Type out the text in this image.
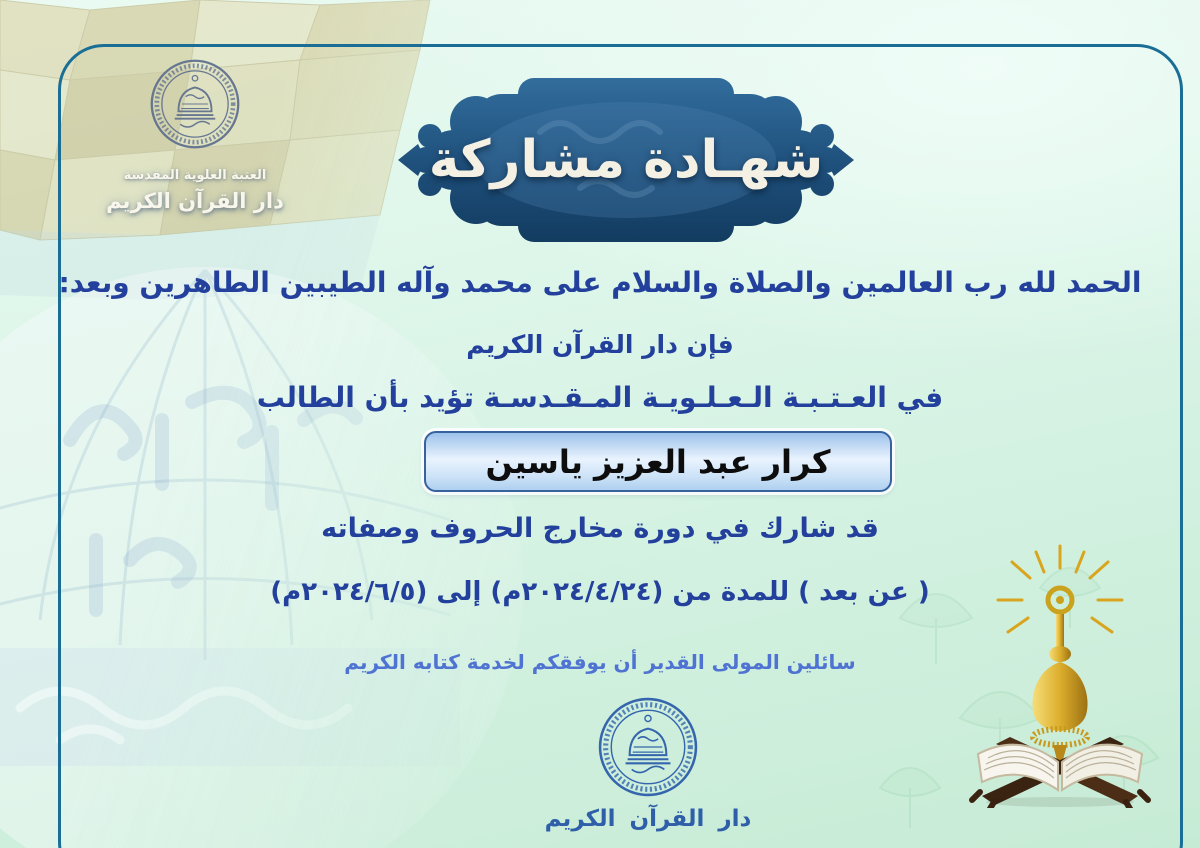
العتبة العلوية المقدسة
دار القرآن الكريم
شهـادة مشاركة
الحمد لله رب العالمين والصلاة والسلام على محمد وآله الطيبين الطاهرين وبعد:
فإن دار القرآن الكريم
في العـتـبـة الـعـلـويـة المـقـدسـة تؤيد بأن الطالب
كرار عبد العزيز ياسين
قد شارك في دورة مخارج الحروف وصفاته
( عن بعد ) للمدة من (٢٠٢٤/٤/٢٤م) إلى (٢٠٢٤/٦/٥م)
سائلين المولى القدير أن يوفقكم لخدمة كتابه الكريم
دار القرآن الكريم
